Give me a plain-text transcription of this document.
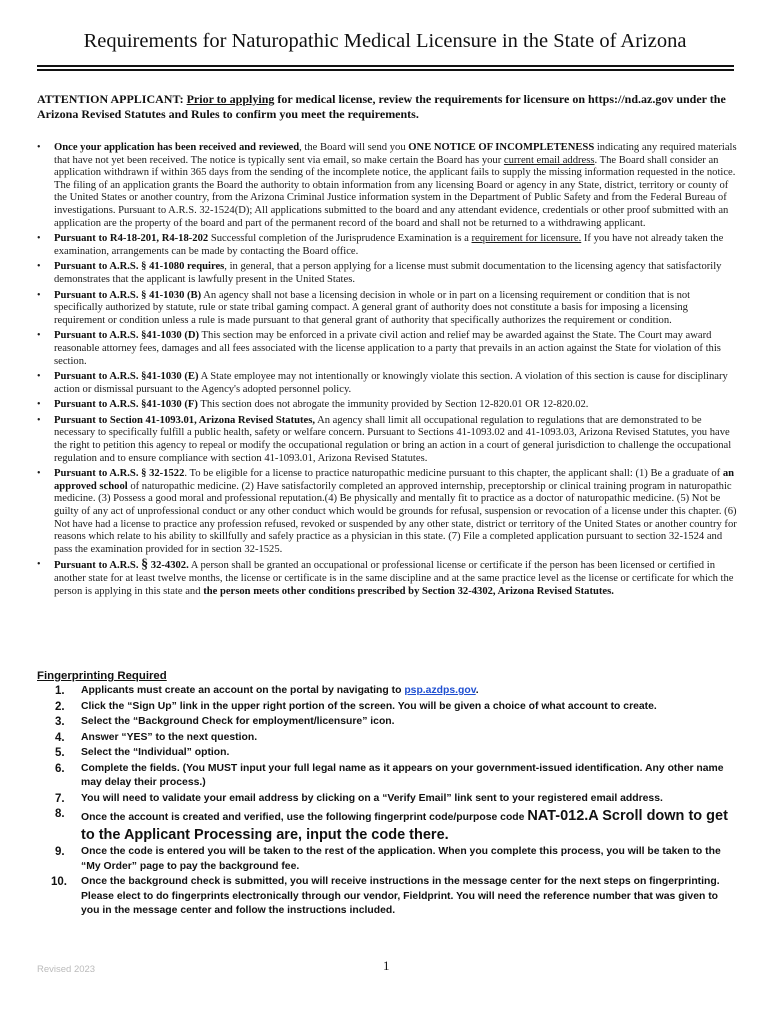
Requirements for Naturopathic Medical Licensure in the State of Arizona
ATTENTION APPLICANT: Prior to applying for medical license, review the requirements for licensure on https://nd.az.gov under the Arizona Revised Statutes and Rules to confirm you meet the requirements.
• Once your application has been received and reviewed, the Board will send you ONE NOTICE OF INCOMPLETENESS indicating any required materials that have not yet been received. The notice is typically sent via email, so make certain the Board has your current email address. The Board shall consider an application withdrawn if within 365 days from the sending of the incomplete notice, the applicant fails to supply the missing information requested in the notice. The filing of an application grants the Board the authority to obtain information from any licensing Board or agency in any State, district, territory or county of the United States or another country, from the Arizona Criminal Justice information system in the Department of Public Safety and from the Federal Bureau of investigations. Pursuant to A.R.S. 32-1524(D); All applications submitted to the board and any attendant evidence, credentials or other proof submitted with an application are the property of the board and part of the permanent record of the board and shall not be returned to a withdrawing applicant.
• Pursuant to R4-18-201, R4-18-202 Successful completion of the Jurisprudence Examination is a requirement for licensure. If you have not already taken the examination, arrangements can be made by contacting the Board office.
• Pursuant to A.R.S. § 41-1080 requires, in general, that a person applying for a license must submit documentation to the licensing agency that satisfactorily demonstrates that the applicant is lawfully present in the United States.
• Pursuant to A.R.S. § 41-1030 (B) An agency shall not base a licensing decision in whole or in part on a licensing requirement or condition that is not specifically authorized by statute, rule or state tribal gaming compact. A general grant of authority does not constitute a basis for imposing a licensing requirement or condition unless a rule is made pursuant to that general grant of authority that specifically authorizes the requirement or condition.
• Pursuant to A.R.S. §41-1030 (D) This section may be enforced in a private civil action and relief may be awarded against the State. The Court may award reasonable attorney fees, damages and all fees associated with the license application to a party that prevails in an action against the State for violation of this section.
• Pursuant to A.R.S. §41-1030 (E) A State employee may not intentionally or knowingly violate this section. A violation of this section is cause for disciplinary action or dismissal pursuant to the Agency's adopted personnel policy.
• Pursuant to A.R.S. §41-1030 (F) This section does not abrogate the immunity provided by Section 12-820.01 OR 12-820.02.
• Pursuant to Section 41-1093.01, Arizona Revised Statutes, An agency shall limit all occupational regulation to regulations that are demonstrated to be necessary to specifically fulfill a public health, safety or welfare concern. Pursuant to Sections 41-1093.02 and 41-1093.03, Arizona Revised Statutes, you have the right to petition this agency to repeal or modify the occupational regulation or bring an action in a court of general jurisdiction to challenge the occupational regulation and to ensure compliance with section 41-1093.01, Arizona Revised Statutes.
• Pursuant to A.R.S. § 32-1522. To be eligible for a license to practice naturopathic medicine pursuant to this chapter, the applicant shall: (1) Be a graduate of an approved school of naturopathic medicine. (2) Have satisfactorily completed an approved internship, preceptorship or clinical training program in naturopathic medicine. (3) Possess a good moral and professional reputation.(4) Be physically and mentally fit to practice as a doctor of naturopathic medicine. (5) Not be guilty of any act of unprofessional conduct or any other conduct which would be grounds for refusal, suspension or revocation of a license under this chapter. (6) Not have had a license to practice any profession refused, revoked or suspended by any other state, district or territory of the United States or another country for reasons which relate to his ability to skillfully and safely practice as a physician in this state. (7) File a completed application pursuant to section 32-1524 and pass the examination provided for in section 32-1525.
• Pursuant to A.R.S. § 32-4302. A person shall be granted an occupational or professional license or certificate if the person has been licensed or certified in another state for at least twelve months, the license or certificate is in the same discipline and at the same practice level as the license or certificate for which the person is applying in this state and the person meets other conditions prescribed by Section 32-4302, Arizona Revised Statutes.
Fingerprinting Required
1. Applicants must create an account on the portal by navigating to psp.azdps.gov.
2. Click the “Sign Up” link in the upper right portion of the screen. You will be given a choice of what account to create.
3. Select the “Background Check for employment/licensure” icon.
4. Answer “YES” to the next question.
5. Select the “Individual” option.
6. Complete the fields. (You MUST input your full legal name as it appears on your government-issued identification. Any other name may delay their process.)
7. You will need to validate your email address by clicking on a “Verify Email” link sent to your registered email address.
8. Once the account is created and verified, use the following fingerprint code/purpose code NAT-012.A Scroll down to get to the Applicant Processing are, input the code there.
9. Once the code is entered you will be taken to the rest of the application. When you complete this process, you will be taken to the “My Order” page to pay the background fee.
10. Once the background check is submitted, you will receive instructions in the message center for the next steps on fingerprinting. Please elect to do fingerprints electronically through our vendor, Fieldprint. You will need the reference number that was given to you in the message center and follow the instructions included.
Revised 2023	1
